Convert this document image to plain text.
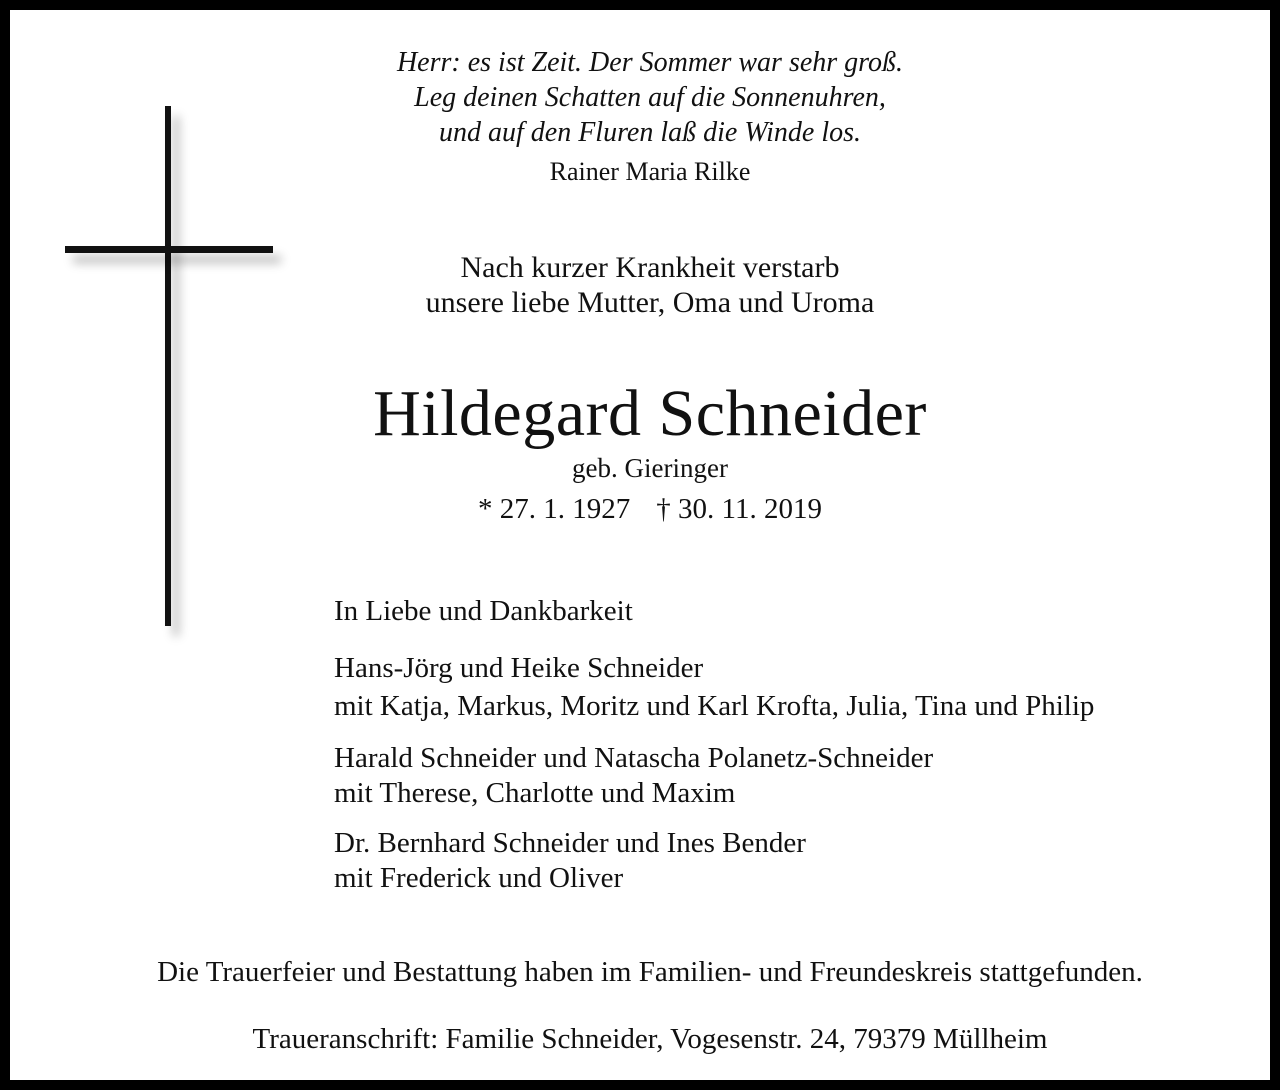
Herr: es ist Zeit. Der Sommer war sehr groß.
Leg deinen Schatten auf die Sonnenuhren,
und auf den Fluren laß die Winde los.
Rainer Maria Rilke
Nach kurzer Krankheit verstarb
unsere liebe Mutter, Oma und Uroma
Hildegard Schneider
geb. Gieringer
* 27. 1. 1927 † 30. 11. 2019
In Liebe und Dankbarkeit
Hans-Jörg und Heike Schneider
mit Katja, Markus, Moritz und Karl Krofta, Julia, Tina und Philip
Harald Schneider und Natascha Polanetz-Schneider
mit Therese, Charlotte und Maxim
Dr. Bernhard Schneider und Ines Bender
mit Frederick und Oliver
Die Trauerfeier und Bestattung haben im Familien- und Freundeskreis stattgefunden.
Traueranschrift: Familie Schneider, Vogesenstr. 24, 79379 Müllheim
